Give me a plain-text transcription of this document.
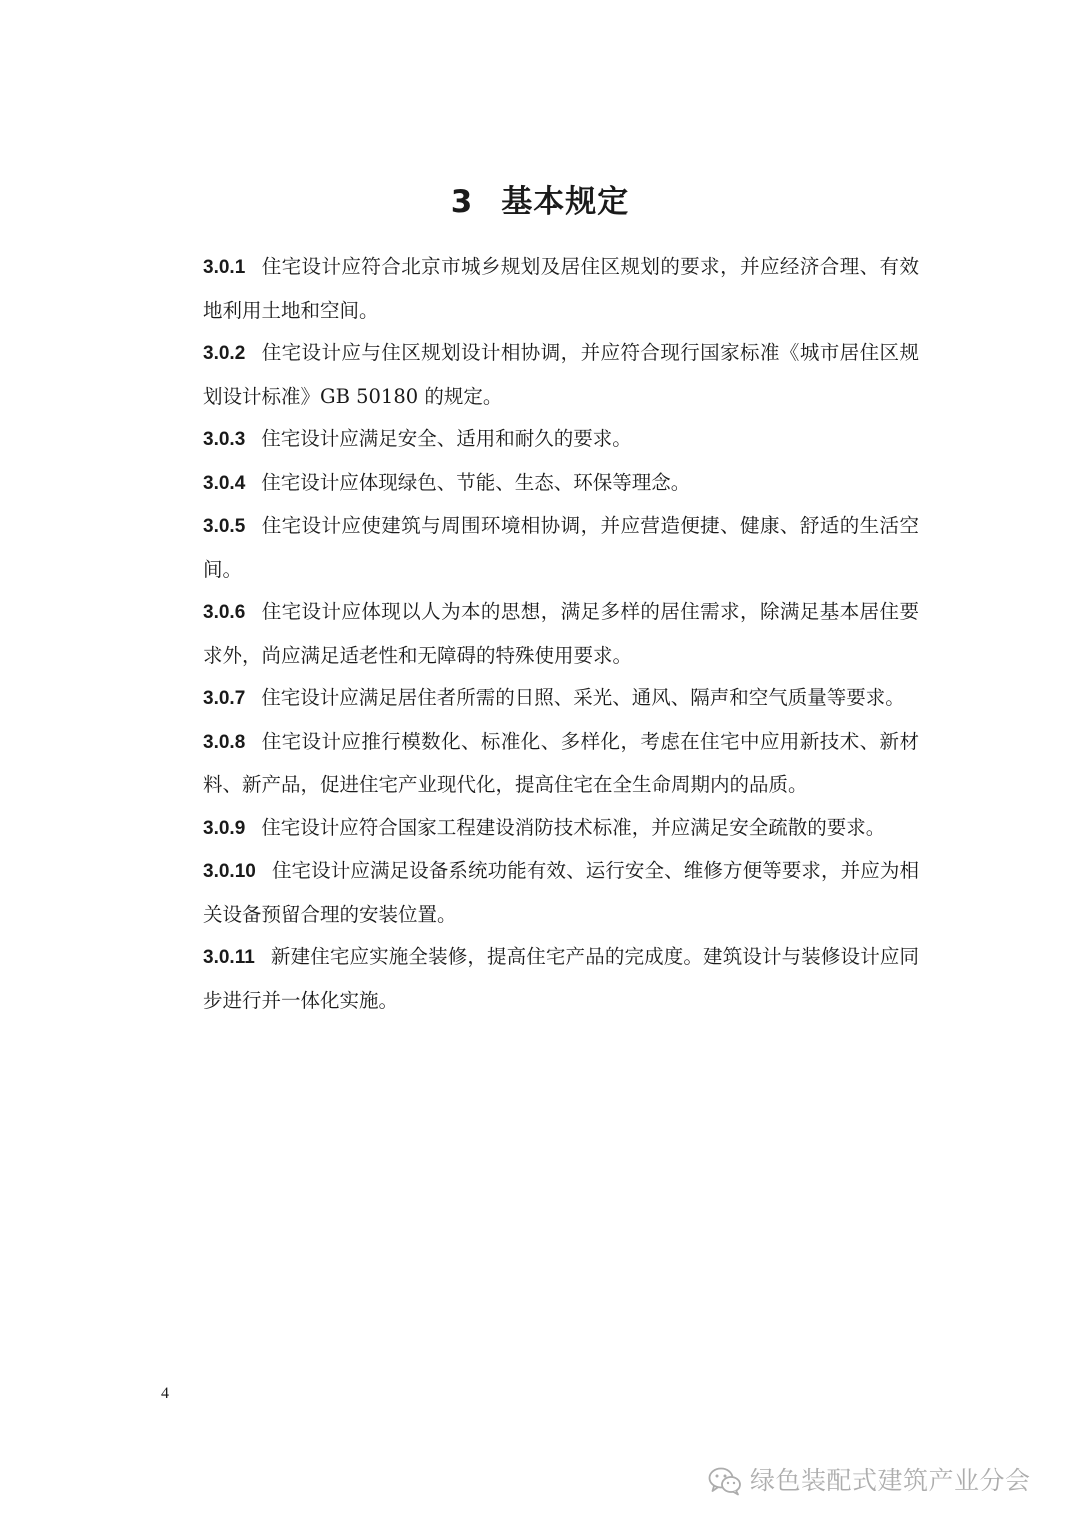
3 基本规定

3.0.1 住宅设计应符合北京市城乡规划及居住区规划的要求，并应经济合理、有效地利用土地和空间。

3.0.2 住宅设计应与住区规划设计相协调，并应符合现行国家标准《城市居住区规划设计标准》GB 50180 的规定。

3.0.3 住宅设计应满足安全、适用和耐久的要求。

3.0.4 住宅设计应体现绿色、节能、生态、环保等理念。

3.0.5 住宅设计应使建筑与周围环境相协调，并应营造便捷、健康、舒适的生活空间。

3.0.6 住宅设计应体现以人为本的思想，满足多样的居住需求，除满足基本居住要求外，尚应满足适老性和无障碍的特殊使用要求。

3.0.7 住宅设计应满足居住者所需的日照、采光、通风、隔声和空气质量等要求。

3.0.8 住宅设计应推行模数化、标准化、多样化，考虑在住宅中应用新技术、新材料、新产品，促进住宅产业现代化，提高住宅在全生命周期内的品质。

3.0.9 住宅设计应符合国家工程建设消防技术标准，并应满足安全疏散的要求。

3.0.10 住宅设计应满足设备系统功能有效、运行安全、维修方便等要求，并应为相关设备预留合理的安装位置。

3.0.11 新建住宅应实施全装修，提高住宅产品的完成度。建筑设计与装修设计应同步进行并一体化实施。

4
绿色装配式建筑产业分会
